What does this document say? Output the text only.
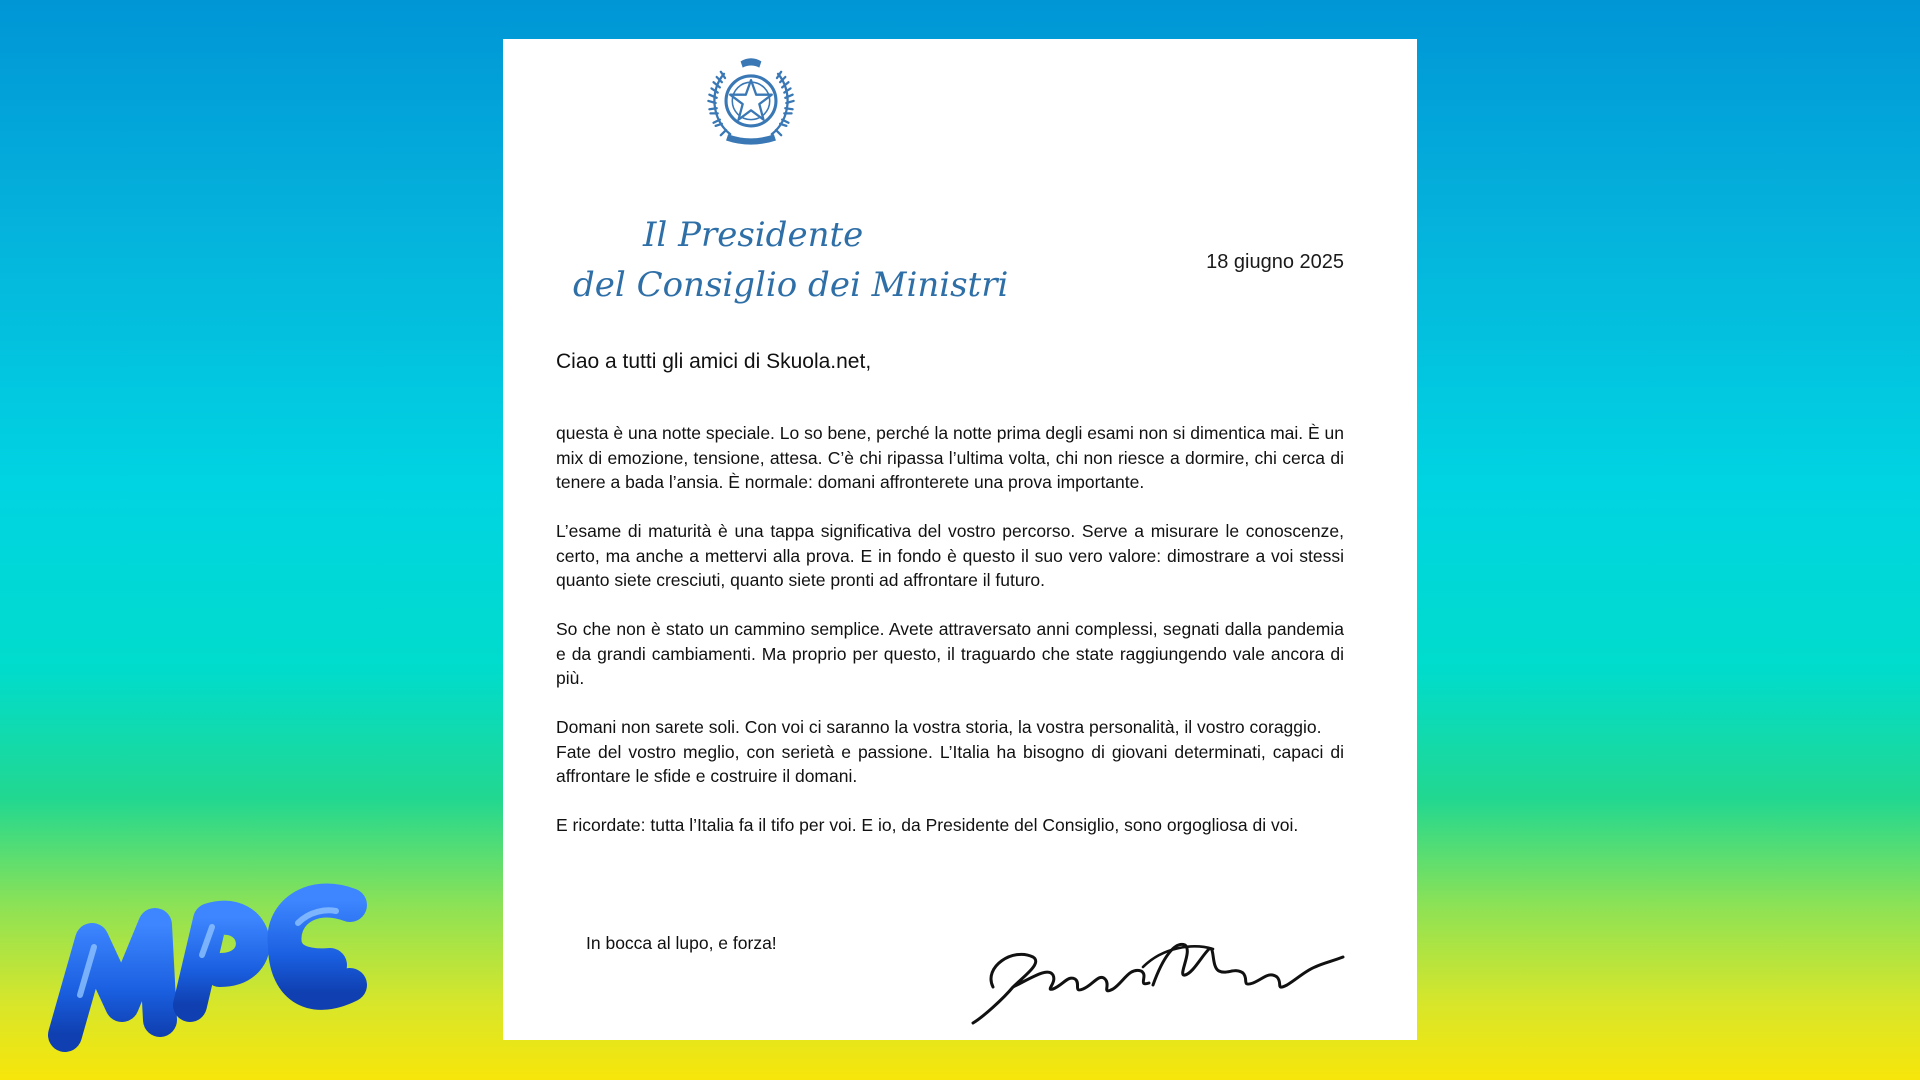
Il Presidente
del Consiglio dei Ministri
18 giugno 2025
Ciao a tutti gli amici di Skuola.net,

questa è una notte speciale. Lo so bene, perché la notte prima degli esami non si dimentica mai. È un mix di emozione, tensione, attesa. C’è chi ripassa l’ultima volta, chi non riesce a dormire, chi cerca di tenere a bada l’ansia. È normale: domani affronterete una prova importante.

L’esame di maturità è una tappa significativa del vostro percorso. Serve a misurare le conoscenze, certo, ma anche a mettervi alla prova. E in fondo è questo il suo vero valore: dimostrare a voi stessi quanto siete cresciuti, quanto siete pronti ad affrontare il futuro.

So che non è stato un cammino semplice. Avete attraversato anni complessi, segnati dalla pandemia e da grandi cambiamenti. Ma proprio per questo, il traguardo che state raggiungendo vale ancora di più.

Domani non sarete soli. Con voi ci saranno la vostra storia, la vostra personalità, il vostro coraggio.

Fate del vostro meglio, con serietà e passione. L’Italia ha bisogno di giovani determinati, capaci di affrontare le sfide e costruire il domani.

E ricordate: tutta l’Italia fa il tifo per voi. E io, da Presidente del Consiglio, sono orgogliosa di voi.

In bocca al lupo, e forza!
MPE
